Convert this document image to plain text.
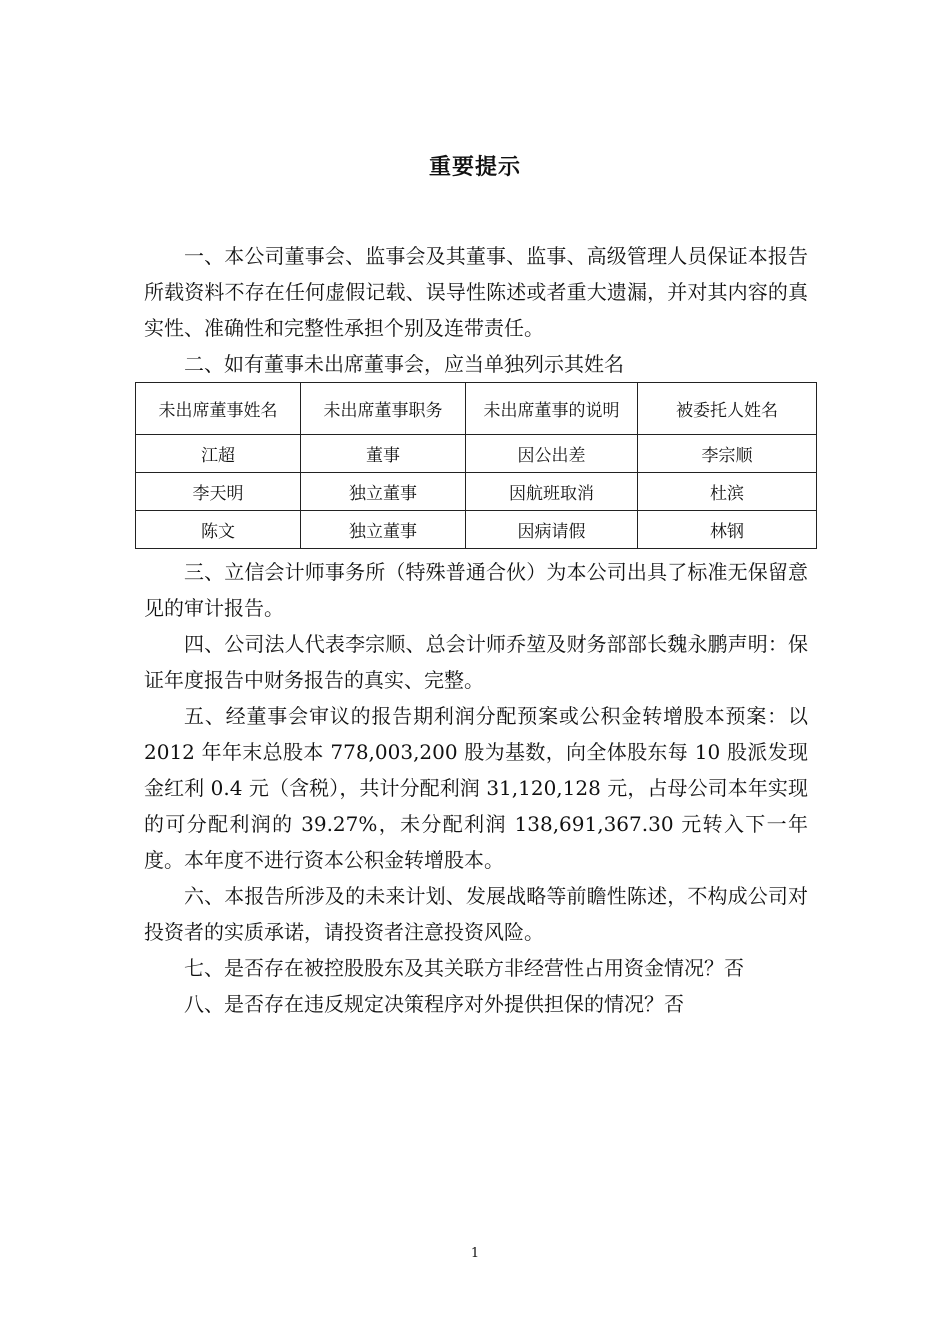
重要提示

一、本公司董事会、监事会及其董事、监事、高级管理人员保证本报告所载资料不存在任何虚假记载、误导性陈述或者重大遗漏，并对其内容的真实性、准确性和完整性承担个别及连带责任。

二、如有董事未出席董事会，应当单独列示其姓名

未出席董事姓名	未出席董事职务	未出席董事的说明	被委托人姓名
江超	董事	因公出差	李宗顺
李天明	独立董事	因航班取消	杜滨
陈文	独立董事	因病请假	林钢

三、立信会计师事务所（特殊普通合伙）为本公司出具了标准无保留意见的审计报告。

四、公司法人代表李宗顺、总会计师乔堃及财务部部长魏永鹏声明：保证年度报告中财务报告的真实、完整。

五、经董事会审议的报告期利润分配预案或公积金转增股本预案：以 2012 年年末总股本 778,003,200 股为基数，向全体股东每 10 股派发现金红利 0.4 元（含税），共计分配利润 31,120,128 元，占母公司本年实现的可分配利润的 39.27%，未分配利润 138,691,367.30 元转入下一年度。本年度不进行资本公积金转增股本。

六、本报告所涉及的未来计划、发展战略等前瞻性陈述，不构成公司对投资者的实质承诺，请投资者注意投资风险。

七、是否存在被控股股东及其关联方非经营性占用资金情况？否

八、是否存在违反规定决策程序对外提供担保的情况？否

1
